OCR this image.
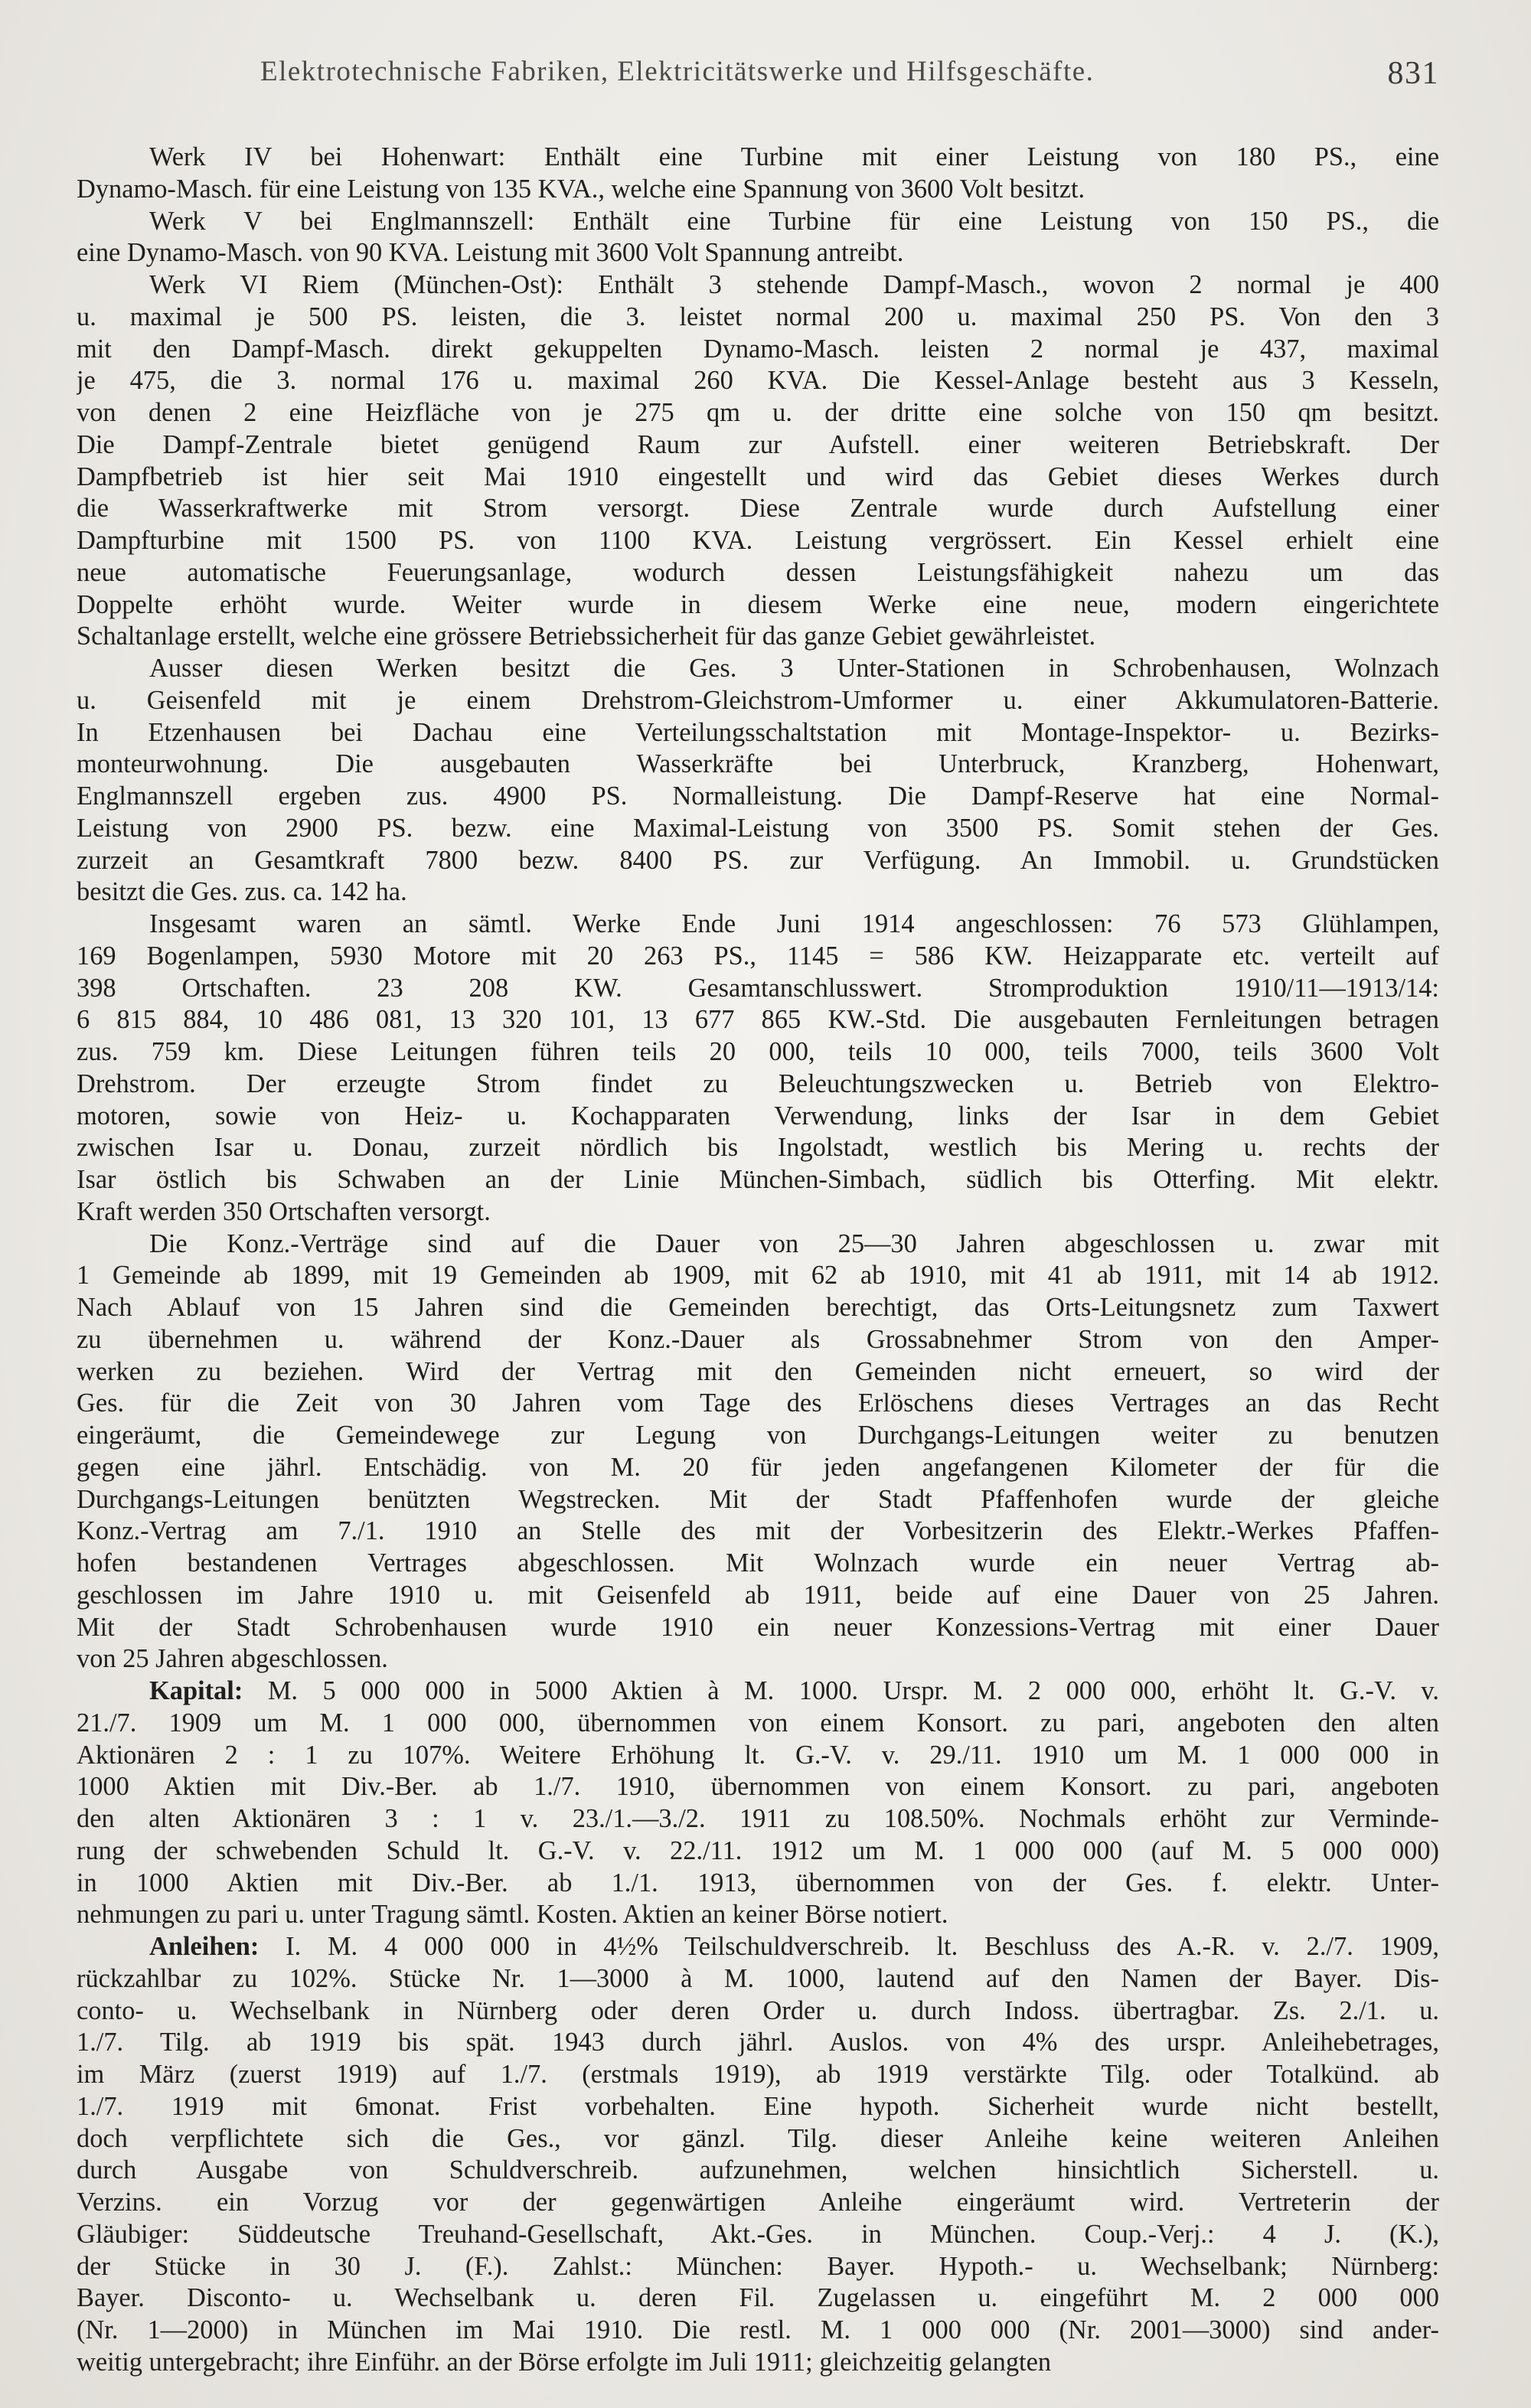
Elektrotechnische Fabriken, Elektricitätswerke und Hilfsgeschäfte.	831
Werk IV bei Hohenwart: Enthält eine Turbine mit einer Leistung von 180 PS., eine
Dynamo-Masch. für eine Leistung von 135 KVA., welche eine Spannung von 3600 Volt besitzt.
Werk V bei Englmannszell: Enthält eine Turbine für eine Leistung von 150 PS., die
eine Dynamo-Masch. von 90 KVA. Leistung mit 3600 Volt Spannung antreibt.
Werk VI Riem (München-Ost): Enthält 3 stehende Dampf-Masch., wovon 2 normal je 400
u. maximal je 500 PS. leisten, die 3. leistet normal 200 u. maximal 250 PS. Von den 3
mit den Dampf-Masch. direkt gekuppelten Dynamo-Masch. leisten 2 normal je 437, maximal
je 475, die 3. normal 176 u. maximal 260 KVA. Die Kessel-Anlage besteht aus 3 Kesseln,
von denen 2 eine Heizfläche von je 275 qm u. der dritte eine solche von 150 qm besitzt.
Die Dampf-Zentrale bietet genügend Raum zur Aufstell. einer weiteren Betriebskraft. Der
Dampfbetrieb ist hier seit Mai 1910 eingestellt und wird das Gebiet dieses Werkes durch
die Wasserkraftwerke mit Strom versorgt. Diese Zentrale wurde durch Aufstellung einer
Dampfturbine mit 1500 PS. von 1100 KVA. Leistung vergrössert. Ein Kessel erhielt eine
neue automatische Feuerungsanlage, wodurch dessen Leistungsfähigkeit nahezu um das
Doppelte erhöht wurde. Weiter wurde in diesem Werke eine neue, modern eingerichtete
Schaltanlage erstellt, welche eine grössere Betriebssicherheit für das ganze Gebiet gewährleistet.
Ausser diesen Werken besitzt die Ges. 3 Unter-Stationen in Schrobenhausen, Wolnzach
u. Geisenfeld mit je einem Drehstrom-Gleichstrom-Umformer u. einer Akkumulatoren-Batterie.
In Etzenhausen bei Dachau eine Verteilungsschaltstation mit Montage-Inspektor- u. Bezirks-
monteurwohnung. Die ausgebauten Wasserkräfte bei Unterbruck, Kranzberg, Hohenwart,
Englmannszell ergeben zus. 4900 PS. Normalleistung. Die Dampf-Reserve hat eine Normal-
Leistung von 2900 PS. bezw. eine Maximal-Leistung von 3500 PS. Somit stehen der Ges.
zurzeit an Gesamtkraft 7800 bezw. 8400 PS. zur Verfügung. An Immobil. u. Grundstücken
besitzt die Ges. zus. ca. 142 ha.
Insgesamt waren an sämtl. Werke Ende Juni 1914 angeschlossen: 76 573 Glühlampen,
169 Bogenlampen, 5930 Motore mit 20 263 PS., 1145 = 586 KW. Heizapparate etc. verteilt auf
398 Ortschaften. 23 208 KW. Gesamtanschlusswert. Stromproduktion 1910/11—1913/14:
6 815 884, 10 486 081, 13 320 101, 13 677 865 KW.-Std. Die ausgebauten Fernleitungen betragen
zus. 759 km. Diese Leitungen führen teils 20 000, teils 10 000, teils 7000, teils 3600 Volt
Drehstrom. Der erzeugte Strom findet zu Beleuchtungszwecken u. Betrieb von Elektro-
motoren, sowie von Heiz- u. Kochapparaten Verwendung, links der Isar in dem Gebiet
zwischen Isar u. Donau, zurzeit nördlich bis Ingolstadt, westlich bis Mering u. rechts der
Isar östlich bis Schwaben an der Linie München-Simbach, südlich bis Otterfing. Mit elektr.
Kraft werden 350 Ortschaften versorgt.
Die Konz.-Verträge sind auf die Dauer von 25—30 Jahren abgeschlossen u. zwar mit
1 Gemeinde ab 1899, mit 19 Gemeinden ab 1909, mit 62 ab 1910, mit 41 ab 1911, mit 14 ab 1912.
Nach Ablauf von 15 Jahren sind die Gemeinden berechtigt, das Orts-Leitungsnetz zum Taxwert
zu übernehmen u. während der Konz.-Dauer als Grossabnehmer Strom von den Amper-
werken zu beziehen. Wird der Vertrag mit den Gemeinden nicht erneuert, so wird der
Ges. für die Zeit von 30 Jahren vom Tage des Erlöschens dieses Vertrages an das Recht
eingeräumt, die Gemeindewege zur Legung von Durchgangs-Leitungen weiter zu benutzen
gegen eine jährl. Entschädig. von M. 20 für jeden angefangenen Kilometer der für die
Durchgangs-Leitungen benützten Wegstrecken. Mit der Stadt Pfaffenhofen wurde der gleiche
Konz.-Vertrag am 7./1. 1910 an Stelle des mit der Vorbesitzerin des Elektr.-Werkes Pfaffen-
hofen bestandenen Vertrages abgeschlossen. Mit Wolnzach wurde ein neuer Vertrag ab-
geschlossen im Jahre 1910 u. mit Geisenfeld ab 1911, beide auf eine Dauer von 25 Jahren.
Mit der Stadt Schrobenhausen wurde 1910 ein neuer Konzessions-Vertrag mit einer Dauer
von 25 Jahren abgeschlossen.
Kapital: M. 5 000 000 in 5000 Aktien à M. 1000. Urspr. M. 2 000 000, erhöht lt. G.-V. v.
21./7. 1909 um M. 1 000 000, übernommen von einem Konsort. zu pari, angeboten den alten
Aktionären 2 : 1 zu 107%. Weitere Erhöhung lt. G.-V. v. 29./11. 1910 um M. 1 000 000 in
1000 Aktien mit Div.-Ber. ab 1./7. 1910, übernommen von einem Konsort. zu pari, angeboten
den alten Aktionären 3 : 1 v. 23./1.—3./2. 1911 zu 108.50%. Nochmals erhöht zur Verminde-
rung der schwebenden Schuld lt. G.-V. v. 22./11. 1912 um M. 1 000 000 (auf M. 5 000 000)
in 1000 Aktien mit Div.-Ber. ab 1./1. 1913, übernommen von der Ges. f. elektr. Unter-
nehmungen zu pari u. unter Tragung sämtl. Kosten. Aktien an keiner Börse notiert.
Anleihen: I. M. 4 000 000 in 4½% Teilschuldverschreib. lt. Beschluss des A.-R. v. 2./7. 1909,
rückzahlbar zu 102%. Stücke Nr. 1—3000 à M. 1000, lautend auf den Namen der Bayer. Dis-
conto- u. Wechselbank in Nürnberg oder deren Order u. durch Indoss. übertragbar. Zs. 2./1. u.
1./7. Tilg. ab 1919 bis spät. 1943 durch jährl. Auslos. von 4% des urspr. Anleihebetrages,
im März (zuerst 1919) auf 1./7. (erstmals 1919), ab 1919 verstärkte Tilg. oder Totalkünd. ab
1./7. 1919 mit 6monat. Frist vorbehalten. Eine hypoth. Sicherheit wurde nicht bestellt,
doch verpflichtete sich die Ges., vor gänzl. Tilg. dieser Anleihe keine weiteren Anleihen
durch Ausgabe von Schuldverschreib. aufzunehmen, welchen hinsichtlich Sicherstell. u.
Verzins. ein Vorzug vor der gegenwärtigen Anleihe eingeräumt wird. Vertreterin der
Gläubiger: Süddeutsche Treuhand-Gesellschaft, Akt.-Ges. in München. Coup.-Verj.: 4 J. (K.),
der Stücke in 30 J. (F.). Zahlst.: München: Bayer. Hypoth.- u. Wechselbank; Nürnberg:
Bayer. Disconto- u. Wechselbank u. deren Fil. Zugelassen u. eingeführt M. 2 000 000
(Nr. 1—2000) in München im Mai 1910. Die restl. M. 1 000 000 (Nr. 2001—3000) sind ander-
weitig untergebracht; ihre Einführ. an der Börse erfolgte im Juli 1911; gleichzeitig gelangten
